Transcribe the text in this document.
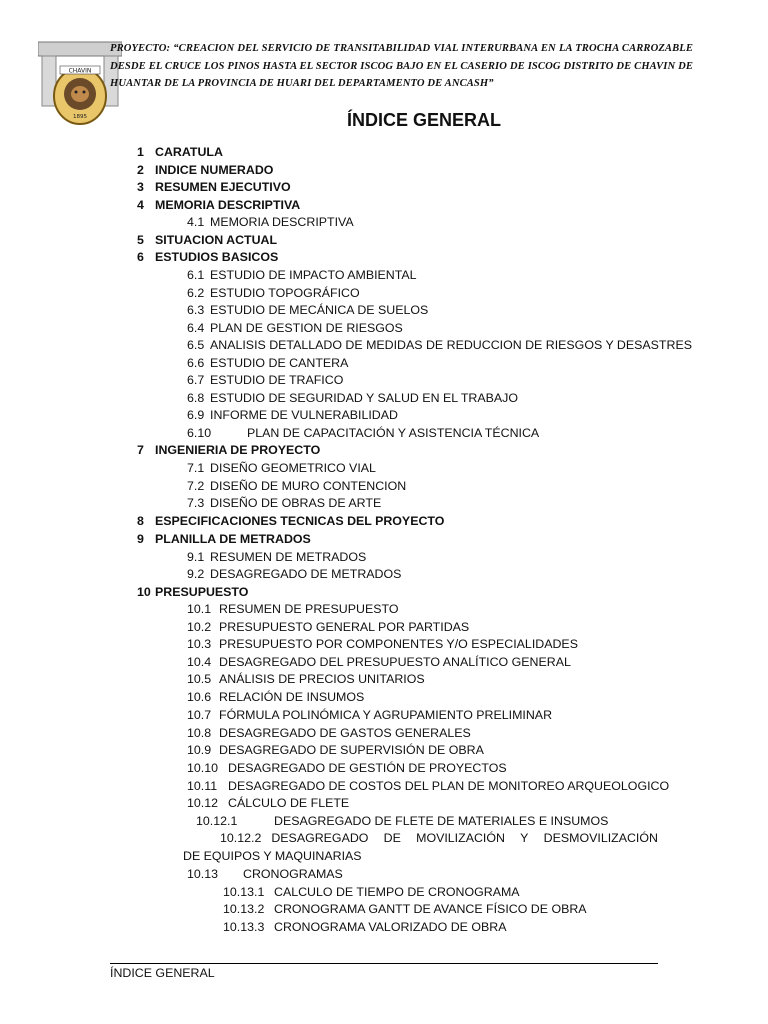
CHAVIN
1895
PROYECTO: “CREACION DEL SERVICIO DE TRANSITABILIDAD VIAL INTERURBANA EN LA TROCHA CARROZABLE DESDE EL CRUCE LOS PINOS HASTA EL SECTOR ISCOG BAJO EN EL CASERIO DE ISCOG DISTRITO DE CHAVIN DE HUANTAR DE LA PROVINCIA DE HUARI DEL DEPARTAMENTO DE ANCASH”
ÍNDICE GENERAL
1 CARATULA
2 INDICE NUMERADO
3 RESUMEN EJECUTIVO
4 MEMORIA DESCRIPTIVA
4.1 MEMORIA DESCRIPTIVA
5 SITUACION ACTUAL
6 ESTUDIOS BASICOS
6.1 ESTUDIO DE IMPACTO AMBIENTAL
6.2 ESTUDIO TOPOGRÁFICO
6.3 ESTUDIO DE MECÁNICA DE SUELOS
6.4 PLAN DE GESTION DE RIESGOS
6.5 ANALISIS DETALLADO DE MEDIDAS DE REDUCCION DE RIESGOS Y DESASTRES
6.6 ESTUDIO DE CANTERA
6.7 ESTUDIO DE TRAFICO
6.8 ESTUDIO DE SEGURIDAD Y SALUD EN EL TRABAJO
6.9 INFORME DE VULNERABILIDAD
6.10	PLAN DE CAPACITACIÓN Y ASISTENCIA TÉCNICA
7 INGENIERIA DE PROYECTO
7.1 DISEÑO GEOMETRICO VIAL
7.2 DISEÑO DE MURO CONTENCION
7.3 DISEÑO DE OBRAS DE ARTE
8 ESPECIFICACIONES TECNICAS DEL PROYECTO
9 PLANILLA DE METRADOS
9.1 RESUMEN DE METRADOS
9.2 DESAGREGADO DE METRADOS
10 PRESUPUESTO
10.1 RESUMEN DE PRESUPUESTO
10.2 PRESUPUESTO GENERAL POR PARTIDAS
10.3 PRESUPUESTO POR COMPONENTES Y/O ESPECIALIDADES
10.4 DESAGREGADO DEL PRESUPUESTO ANALÍTICO GENERAL
10.5 ANÁLISIS DE PRECIOS UNITARIOS
10.6 RELACIÓN DE INSUMOS
10.7 FÓRMULA POLINÓMICA Y AGRUPAMIENTO PRELIMINAR
10.8 DESAGREGADO DE GASTOS GENERALES
10.9 DESAGREGADO DE SUPERVISIÓN DE OBRA
10.10 DESAGREGADO DE GESTIÓN DE PROYECTOS
10.11 DESAGREGADO DE COSTOS DEL PLAN DE MONITOREO ARQUEOLOGICO
10.12 CÁLCULO DE FLETE
10.12.1	DESAGREGADO DE FLETE DE MATERIALES E INSUMOS
10.12.2 DESAGREGADO DE MOVILIZACIÓN Y DESMOVILIZACIÓN
DE EQUIPOS Y MAQUINARIAS
10.13 CRONOGRAMAS
10.13.1 CALCULO DE TIEMPO DE CRONOGRAMA
10.13.2 CRONOGRAMA GANTT DE AVANCE FÍSICO DE OBRA
10.13.3 CRONOGRAMA VALORIZADO DE OBRA
ÍNDICE GENERAL
